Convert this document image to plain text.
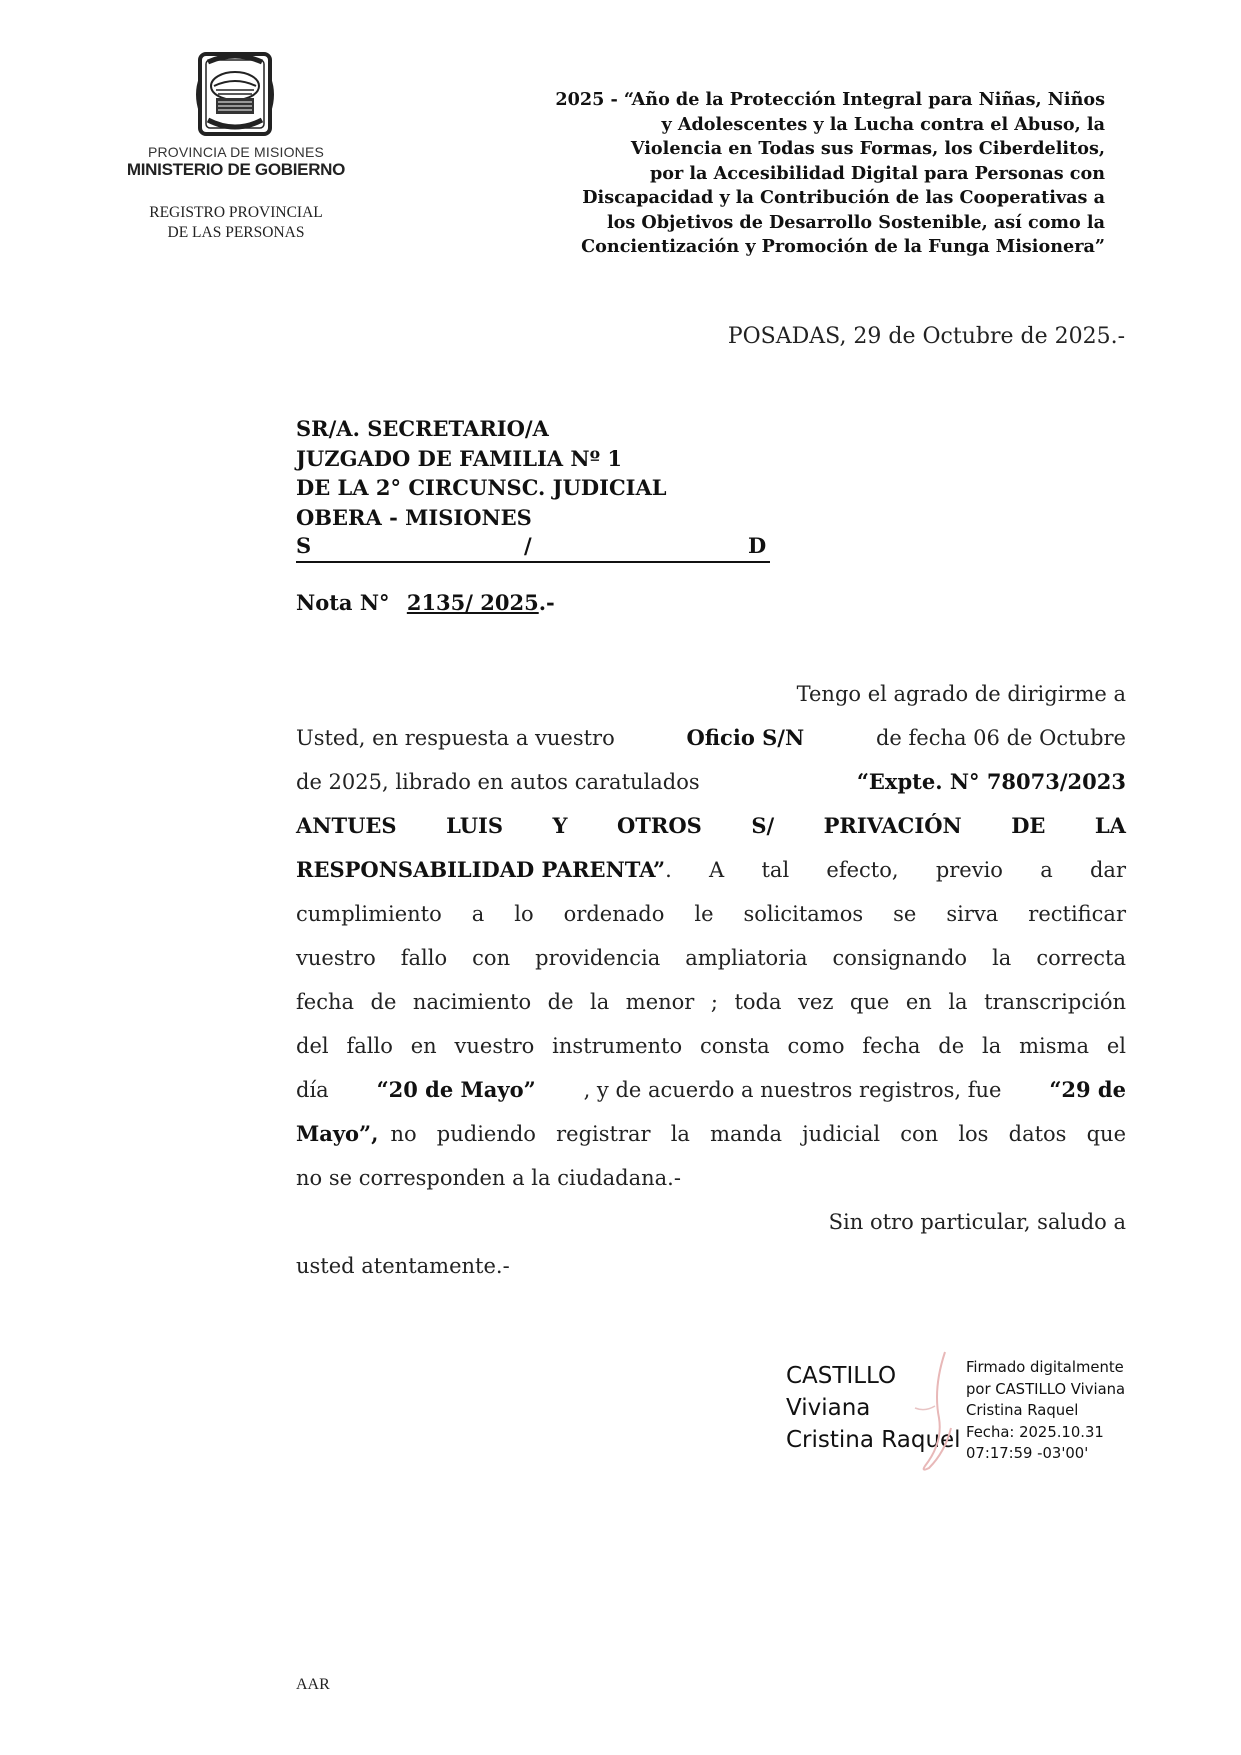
PROVINCIA DE MISIONES
MINISTERIO DE GOBIERNO
REGISTRO PROVINCIAL
DE LAS PERSONAS
2025 - “Año de la Protección Integral para Niñas, Niños
y Adolescentes y la Lucha contra el Abuso, la
Violencia en Todas sus Formas, los Ciberdelitos,
por la Accesibilidad Digital para Personas con
Discapacidad y la Contribución de las Cooperativas a
los Objetivos de Desarrollo Sostenible, así como la
Concientización y Promoción de la Funga Misionera”
POSADAS, 29 de Octubre de 2025.-
SR/A. SECRETARIO/A
JUZGADO DE FAMILIA Nº 1
DE LA 2° CIRCUNSC. JUDICIAL
OBERA - MISIONES
S	/	D
Nota N° 2135/ 2025.-
Tengo el agrado de dirigirme a
Usted, en respuesta a vuestro	Oficio S/N	de fecha 06 de Octubre
de 2025, librado en autos caratulados	“Expte. N° 78073/2023
ANTUES LUIS Y OTROS S/ PRIVACIÓN DE LA
RESPONSABILIDAD PARENTA” . A tal efecto, previo a dar
cumplimiento a lo ordenado le solicitamos se sirva rectificar
vuestro fallo con providencia ampliatoria consignando la correcta
fecha de nacimiento de la menor ; toda vez que en la transcripción
del fallo en vuestro instrumento consta como fecha de la misma el
día “20 de Mayo” , y de acuerdo a nuestros registros, fue “29 de
Mayo”, no pudiendo registrar la manda judicial con los datos que
no se corresponden a la ciudadana.-
Sin otro particular, saludo a
usted atentamente.-
CASTILLO
Viviana
Cristina Raquel
Firmado digitalmente
por CASTILLO Viviana
Cristina Raquel
Fecha: 2025.10.31
07:17:59 -03'00'
AAR
